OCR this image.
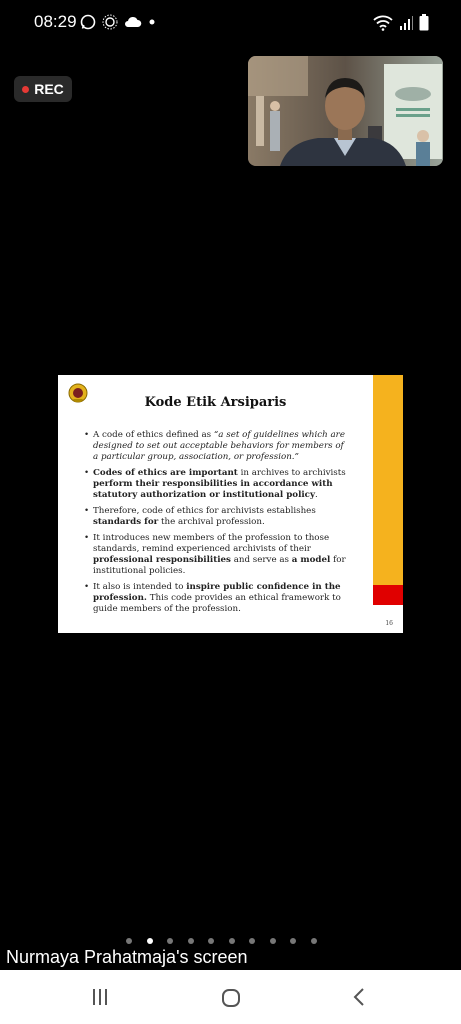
08:29
REC
Kode Etik Arsiparis
• A code of ethics defined as “a set of guidelines which are designed to set out acceptable behaviors for members of a particular group, association, or profession.”
• Codes of ethics are important in archives to archivists perform their responsibilities in accordance with statutory authorization or institutional policy.
• Therefore, code of ethics for archivists establishes standards for the archival profession.
• It introduces new members of the profession to those standards, remind experienced archivists of their professional responsibilities and serve as a model for institutional policies.
• It also is intended to inspire public confidence in the profession. This code provides an ethical framework to guide members of the profession.
16
Nurmaya Prahatmaja's screen
